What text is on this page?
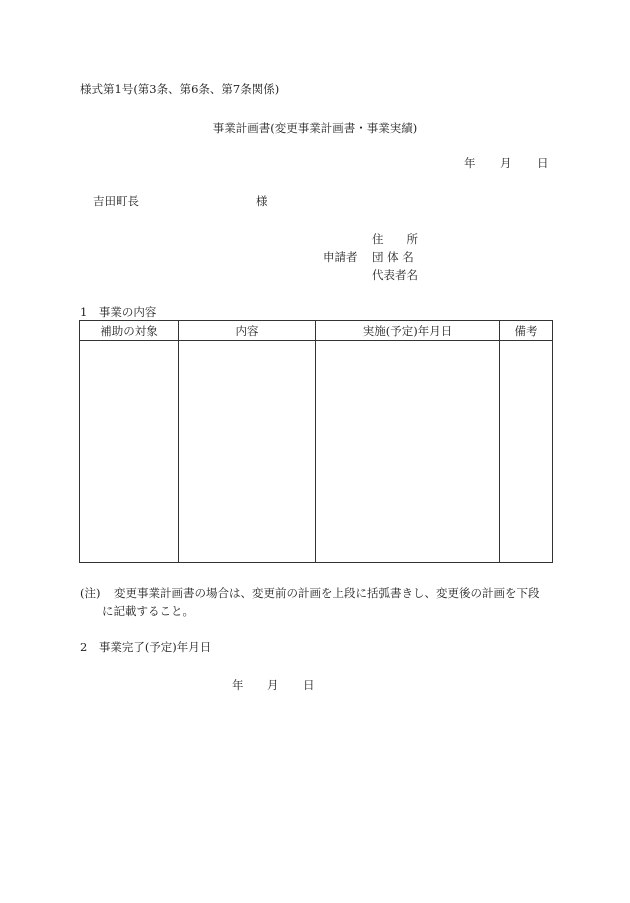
様式第1号(第3条、第6条、第7条関係)
事業計画書(変更事業計画書・事業実績)
年 月 日
吉田町長	様
住　　所
申請者 団 体 名
代表者名
1　事業の内容
補助の対象	内容	実施(予定)年月日	備考

(注) 変更事業計画書の場合は、変更前の計画を上段に括弧書きし、変更後の計画を下段
に記載すること。
2　事業完了(予定)年月日
年 月 日
